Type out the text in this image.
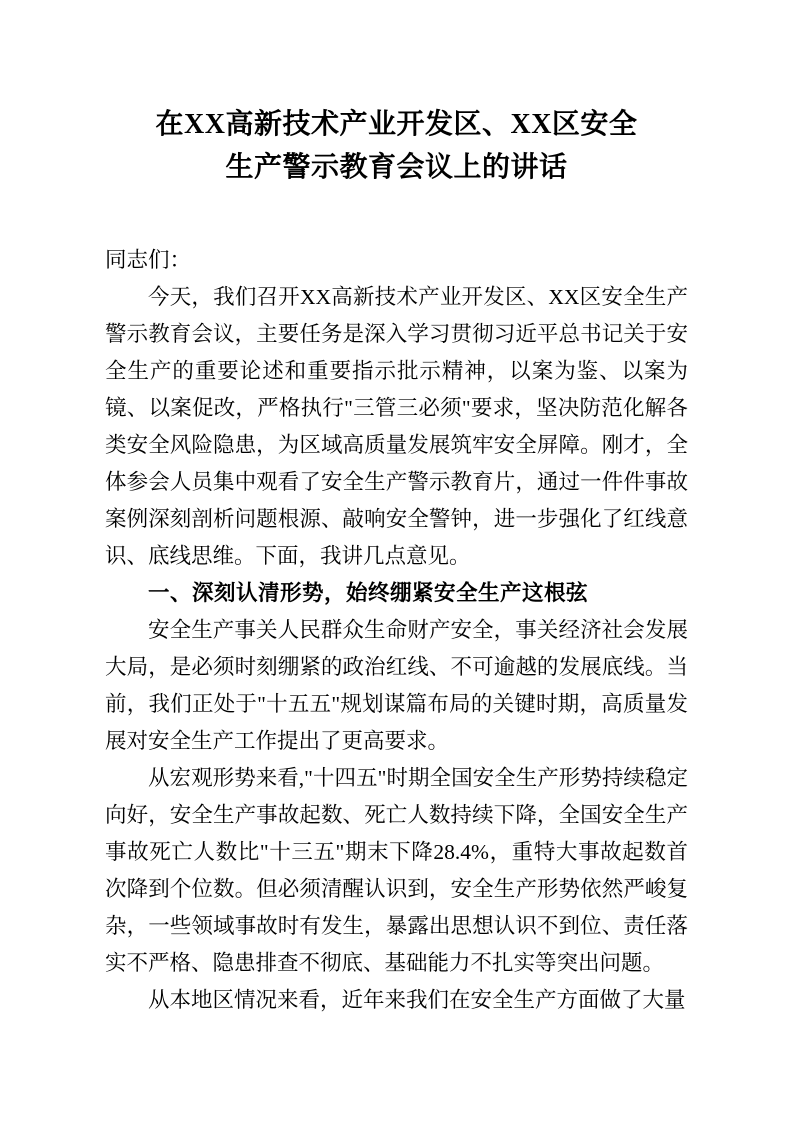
在XX高新技术产业开发区、XX区安全
生产警示教育会议上的讲话

同志们：

今天，我们召开XX高新技术产业开发区、XX区安全生产警示教育会议，主要任务是深入学习贯彻习近平总书记关于安全生产的重要论述和重要指示批示精神，以案为鉴、以案为镜、以案促改，严格执行"三管三必须"要求，坚决防范化解各类安全风险隐患，为区域高质量发展筑牢安全屏障。刚才，全体参会人员集中观看了安全生产警示教育片，通过一件件事故案例深刻剖析问题根源、敲响安全警钟，进一步强化了红线意识、底线思维。下面，我讲几点意见。

一、深刻认清形势，始终绷紧安全生产这根弦

安全生产事关人民群众生命财产安全，事关经济社会发展大局，是必须时刻绷紧的政治红线、不可逾越的发展底线。当前，我们正处于"十五五"规划谋篇布局的关键时期，高质量发展对安全生产工作提出了更高要求。

从宏观形势来看,"十四五"时期全国安全生产形势持续稳定向好，安全生产事故起数、死亡人数持续下降，全国安全生产事故死亡人数比"十三五"期末下降28.4%，重特大事故起数首次降到个位数。但必须清醒认识到，安全生产形势依然严峻复杂，一些领域事故时有发生，暴露出思想认识不到位、责任落实不严格、隐患排查不彻底、基础能力不扎实等突出问题。

从本地区情况来看，近年来我们在安全生产方面做了大量
